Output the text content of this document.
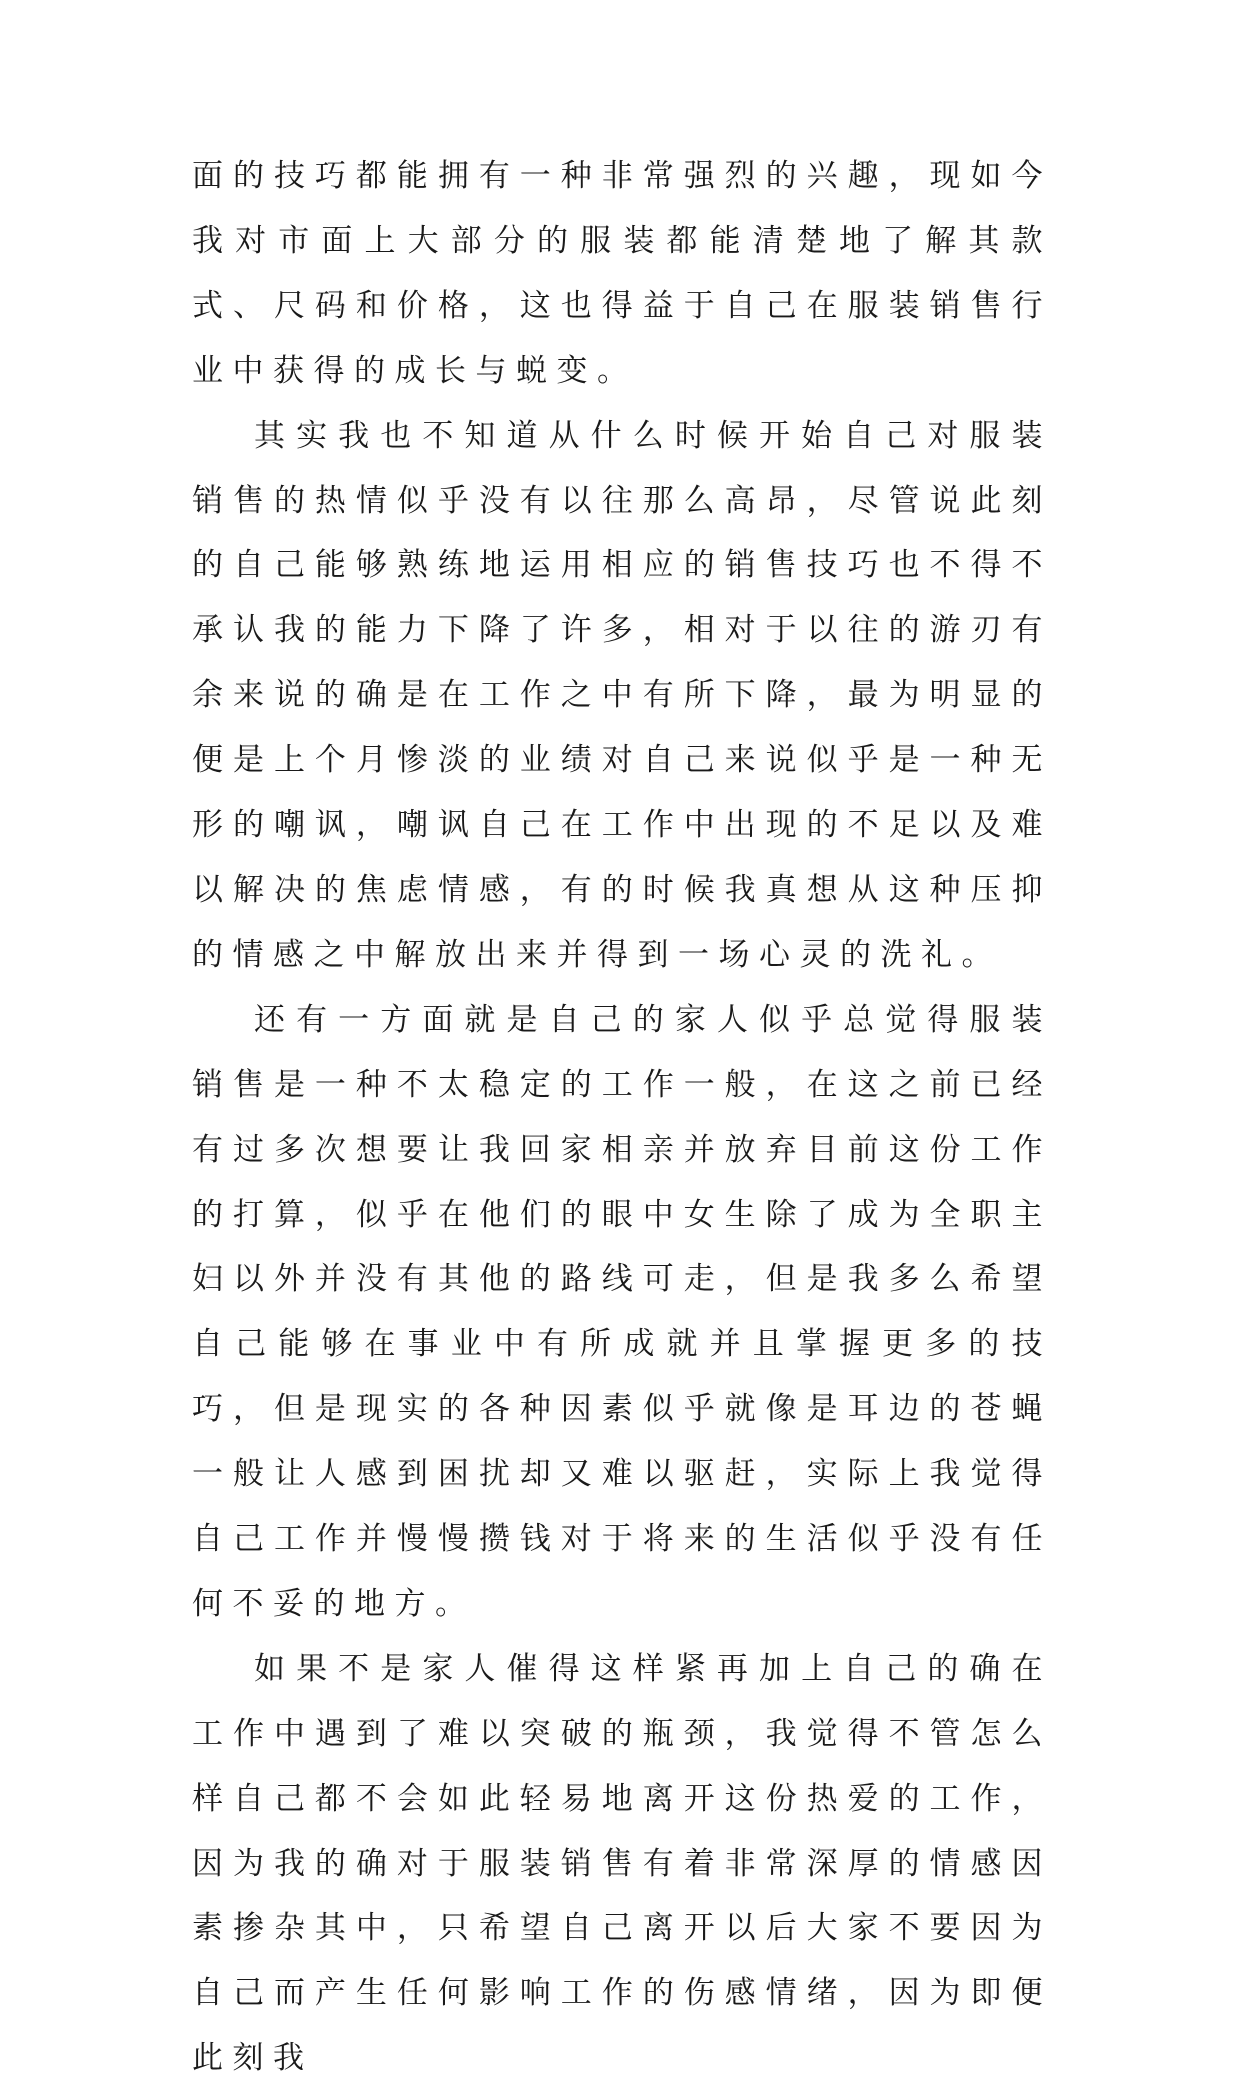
面的技巧都能拥有一种非常强烈的兴趣，现如今我对市面上大部分的服装都能清楚地了解其款式、尺码和价格，这也得益于自己在服装销售行业中获得的成长与蜕变。

其实我也不知道从什么时候开始自己对服装销售的热情似乎没有以往那么高昂，尽管说此刻的自己能够熟练地运用相应的销售技巧也不得不承认我的能力下降了许多，相对于以往的游刃有余来说的确是在工作之中有所下降，最为明显的便是上个月惨淡的业绩对自己来说似乎是一种无形的嘲讽，嘲讽自己在工作中出现的不足以及难以解决的焦虑情感，有的时候我真想从这种压抑的情感之中解放出来并得到一场心灵的洗礼。

还有一方面就是自己的家人似乎总觉得服装销售是一种不太稳定的工作一般，在这之前已经有过多次想要让我回家相亲并放弃目前这份工作的打算，似乎在他们的眼中女生除了成为全职主妇以外并没有其他的路线可走，但是我多么希望自己能够在事业中有所成就并且掌握更多的技巧，但是现实的各种因素似乎就像是耳边的苍蝇一般让人感到困扰却又难以驱赶，实际上我觉得自己工作并慢慢攒钱对于将来的生活似乎没有任何不妥的地方。

如果不是家人催得这样紧再加上自己的确在工作中遇到了难以突破的瓶颈，我觉得不管怎么样自己都不会如此轻易地离开这份热爱的工作，因为我的确对于服装销售有着非常深厚的情感因素掺杂其中，只希望自己离开以后大家不要因为自己而产生任何影响工作的伤感情绪，因为即便此刻我
